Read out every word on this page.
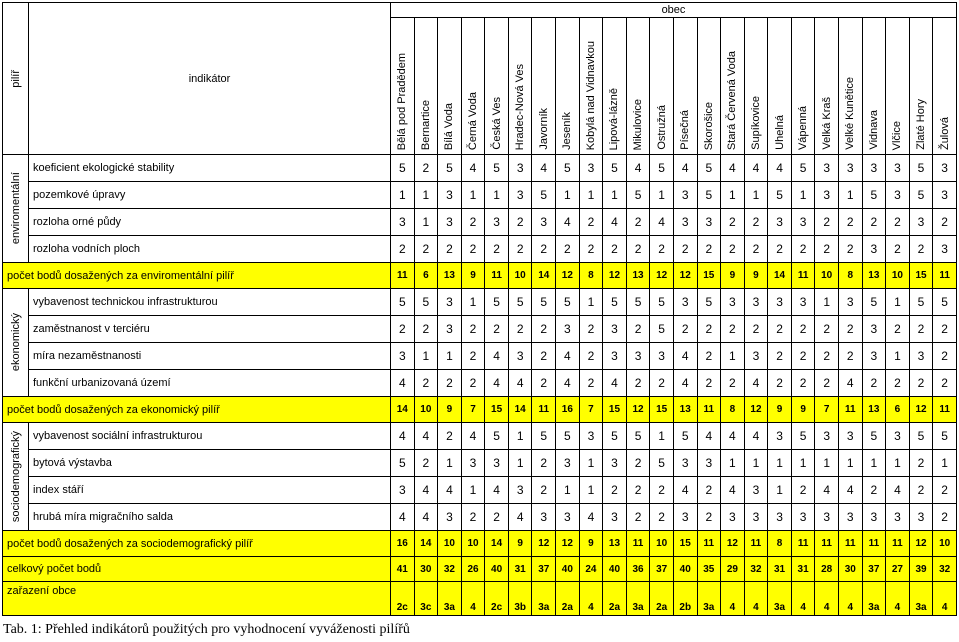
pilíř	indikátor	obec																							

		Bělá pod Pradědem	Bernartice	Bílá Voda	Černá Voda	Česká Ves	Hradec-Nová Ves	Javorník	Jeseník	Kobylá nad Vidnavkou	Lipová-lázně	Mikulovice	Ostružná	Písečná	Skorošice	Stará Červená Voda	Supíkovice	Uhelná	Vápenná	Velká Kraš	Velké Kunětice	Vidnava	Vlčice	Zlaté Hory	Žulová

enviromentální	koeficient ekologické stability	5	2	5	4	5	3	4	5	3	5	4	5	4	5	4	4	4	5	3	3	3	3	5	3
	pozemkové úpravy	1	1	3	1	1	3	5	1	1	1	5	1	3	5	1	1	5	1	3	1	5	3	5	3
	rozloha orné půdy	3	1	3	2	3	2	3	4	2	4	2	4	3	3	2	2	3	3	2	2	2	2	3	2
	rozloha vodních ploch	2	2	2	2	2	2	2	2	2	2	2	2	2	2	2	2	2	2	2	2	3	2	2	3
počet bodů dosažených za enviromentální pilíř		11	6	13	9	11	10	14	12	8	12	13	12	12	15	9	9	14	11	10	8	13	10	15	11

ekonomický	vybavenost technickou infrastrukturou	5	5	3	1	5	5	5	5	1	5	5	5	3	5	3	3	3	3	1	3	5	1	5	5
	zaměstnanost v terciéru	2	2	3	2	2	2	2	3	2	3	2	5	2	2	2	2	2	2	2	2	3	2	2	2
	míra nezaměstnanosti	3	1	1	2	4	3	2	4	2	3	3	3	4	2	1	3	2	2	2	2	3	1	3	2
	funkční urbanizovaná území	4	2	2	2	4	4	2	4	2	4	2	2	4	2	2	4	2	2	2	4	2	2	2	2
počet bodů dosažených za ekonomický pilíř		14	10	9	7	15	14	11	16	7	15	12	15	13	11	8	12	9	9	7	11	13	6	12	11

sociodemografický	vybavenost sociální infrastrukturou	4	4	2	4	5	1	5	5	3	5	5	1	5	4	4	4	3	5	3	3	5	3	5	5
	bytová výstavba	5	2	1	3	3	1	2	3	1	3	2	5	3	3	1	1	1	1	1	1	1	1	2	1
	index stáří	3	4	4	1	4	3	2	1	1	2	2	2	4	2	4	3	1	2	4	4	2	4	2	2
	hrubá míra migračního salda	4	4	3	2	2	4	3	3	4	3	2	2	3	2	3	3	3	3	3	3	3	3	3	2
počet bodů dosažených za sociodemografický pilíř		16	14	10	10	14	9	12	12	9	13	11	10	15	11	12	11	8	11	11	11	11	11	12	10
celkový počet bodů		41	30	32	26	40	31	37	40	24	40	36	37	40	35	29	32	31	31	28	30	37	27	39	32
zařazení obce		2c	3c	3a	4	2c	3b	3a	2a	4	2a	3a	2a	2b	3a	4	4	3a	4	4	4	3a	4	3a	4
Tab. 1: Přehled indikátorů použitých pro vyhodnocení vyváženosti pilířů
